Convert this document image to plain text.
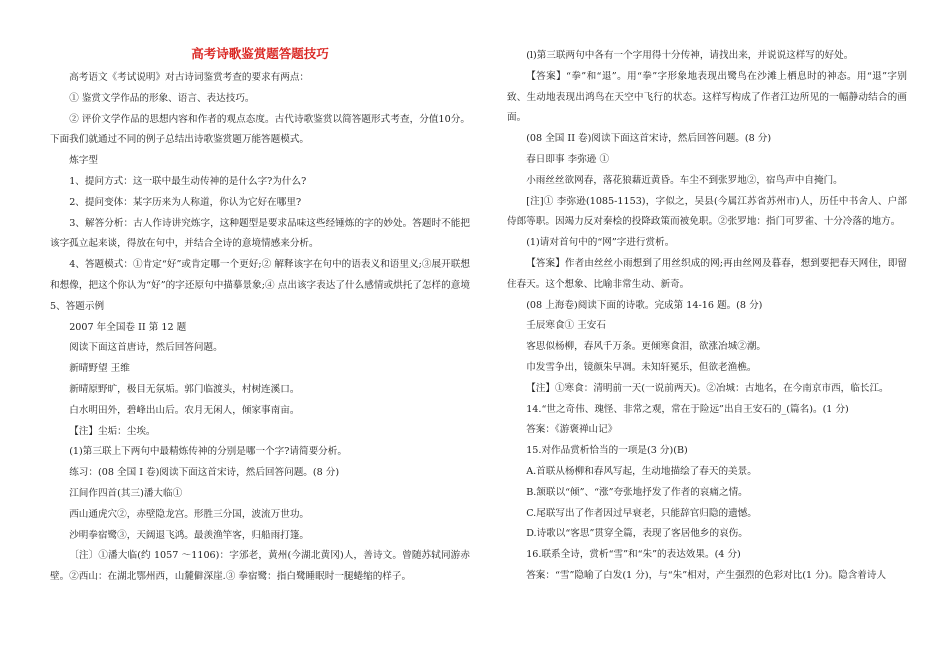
高考诗歌鉴赏题答题技巧

高考语文《考试说明》对古诗词鉴赏考查的要求有两点：

① 鉴赏文学作品的形象、语言、表达技巧。

② 评价文学作品的思想内容和作者的观点态度。古代诗歌鉴赏以简答题形式考查，分值10分。下面我们就通过不同的例子总结出诗歌鉴赏题万能答题模式。

炼字型

1、提问方式：这一联中最生动传神的是什么字?为什么?

2、提问变体：某字历来为人称道，你认为它好在哪里?

3、解答分析：古人作诗讲究炼字，这种题型是要求品味这些经锤炼的字的妙处。答题时不能把该字孤立起来谈，得放在句中，并结合全诗的意境情感来分析。

4、答题模式：①肯定“好”或肯定哪一个更好;② 解释该字在句中的语表义和语里义;③展开联想和想像，把这个你认为“好”的字还原句中描摹景象;④ 点出该字表达了什么感情或烘托了怎样的意境 5、答题示例

2007 年全国卷 II 第 12 题

阅读下面这首唐诗，然后回答问题。

新晴野望 王维

新晴原野旷，极目无氛垢。郭门临渡头，村树连溪口。

白水明田外，碧峰出山后。农月无闲人，倾家事南亩。

【注】尘垢：尘埃。

(1)第三联上下两句中最精炼传神的分别是哪一个字?请简要分析。

练习：(08 全国 I 卷)阅读下面这首宋诗，然后回答问题。(8 分)

江间作四首(其三)潘大临①

西山通虎穴②，赤壁隐龙宫。形胜三分国，波流万世功。

沙明拳宿鹭③，天阔退飞鸿。最羡渔竿客，归船雨打篷。

〔注〕①潘大临(约 1057 ～1106)：字邠老，黄州(今湖北黄冈)人，善诗文。曾随苏轼同游赤壁。②西山：在湖北鄂州西，山麓僻深崖.③ 拳宿鹭：指白鹭睡眠时一腿蜷缩的样子。

(l)第三联两句中各有一个字用得十分传神，请找出来，并说说这样写的好处。

【答案】“拳”和“退”。用“拳”字形象地表现出鹭鸟在沙滩上栖息时的神态。用“退”字别致、生动地表现出鸿鸟在天空中飞行的状态。这样写构成了作者江边所见的一幅静动结合的画面。

(08 全国 II 卷)阅读下面这首宋诗，然后回答问题。(8 分)

春日即事 李弥逊 ①

小雨丝丝欲网春，落花狼藉近黄昏。车尘不到张罗地②，宿鸟声中自掩门。

[注]① 李弥逊(1085-1153)，字似之，吴县(今属江苏省苏州市)人，历任中书舍人、户部侍郎等职。因竭力反对秦桧的投降政策而被免职。②张罗地：指门可罗雀、十分冷落的地方。

(1)请对首句中的“网”字进行赏析。

【答案】作者由丝丝小雨想到了用丝织成的网;再由丝网及暮春，想到要把春天网住，即留住春天。这个想象、比喻非常生动、新奇。

(08 上海卷)阅读下面的诗歌。完成第 14-16 题。(8 分)

壬辰寒食① 王安石

客思似杨柳，春风千万条。更倾寒食泪，欲涨冶城②潮。

巾发雪争出，镜颜朱早凋。未知轩冕乐，但欲老渔樵。

【注】①寒食：清明前一天(一说前两天)。②冶城：古地名，在今南京市西，临长江。

14.“世之奇伟、瑰怪、非常之观，常在于险远”出自王安石的_(篇名)。(1 分)

答案：《游褒禅山记》

15.对作品赏析恰当的一项是(3 分)(B)

A.首联从杨柳和春风写起，生动地描绘了春天的美景。

B.颔联以“倾”、“涨”夸张地抒发了作者的哀痛之情。

C.尾联写出了作者因过早衰老，只能辞官归隐的遗憾。

D.诗歌以“客思”贯穿全篇，表现了客居他乡的哀伤。

16.联系全诗，赏析“雪”和“朱”的表达效果。(4 分)

答案：“雪”隐喻了白发(1 分)，与“朱”相对，产生强烈的色彩对比(1 分)。隐含着诗人
